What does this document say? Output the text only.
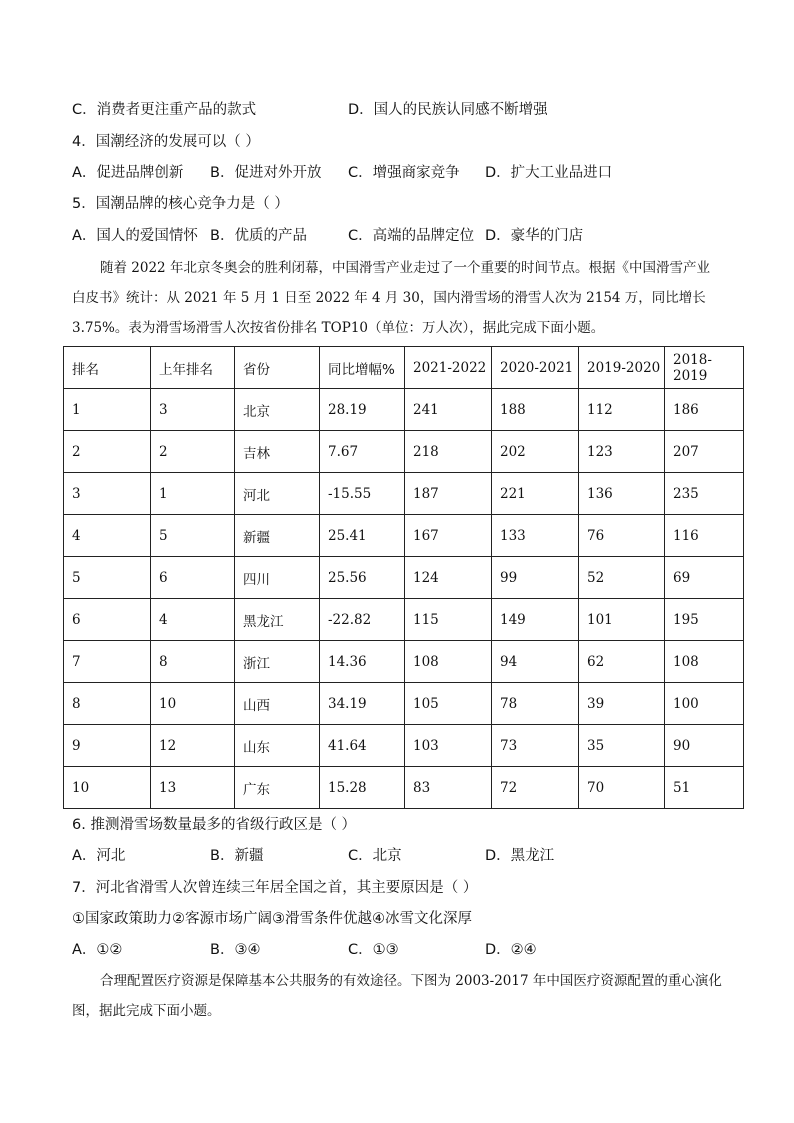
C．消费者更注重产品的款式	D．国人的民族认同感不断增强
4．国潮经济的发展可以（ ）
A．促进品牌创新 B．促进对外开放 C．增强商家竞争 D．扩大工业品进口
5．国潮品牌的核心竞争力是（ ）
A．国人的爱国情怀 B．优质的产品	C．高端的品牌定位 D．豪华的门店
随着 2022 年北京冬奥会的胜利闭幕，中国滑雪产业走过了一个重要的时间节点。根据《中国滑雪产业白皮书》统计：从 2021 年 5 月 1 日至 2022 年 4 月 30，国内滑雪场的滑雪人次为 2154 万，同比增长 3.75%。表为滑雪场滑雪人次按省份排名 TOP10（单位：万人次），据此完成下面小题。
排名	上年排名	省份	同比增幅%	2021-2022	2020-2021	2019-2020	2018-2019
1	3	北京	28.19	241	188	112	186
2	2	吉林	7.67	218	202	123	207
3	1	河北	-15.55	187	221	136	235
4	5	新疆	25.41	167	133	76	116
5	6	四川	25.56	124	99	52	69
6	4	黑龙江	-22.82	115	149	101	195
7	8	浙江	14.36	108	94	62	108
8	10	山西	34.19	105	78	39	100
9	12	山东	41.64	103	73	35	90
10	13	广东	15.28	83	72	70	51
6. 推测滑雪场数量最多的省级行政区是（ ）
A．河北	B．新疆	C．北京	D．黑龙江
7．河北省滑雪人次曾连续三年居全国之首，其主要原因是（ ）
①国家政策助力②客源市场广阔③滑雪条件优越④冰雪文化深厚
A．①②	B．③④	C．①③	D．②④
合理配置医疗资源是保障基本公共服务的有效途径。下图为 2003-2017 年中国医疗资源配置的重心演化图，据此完成下面小题。
